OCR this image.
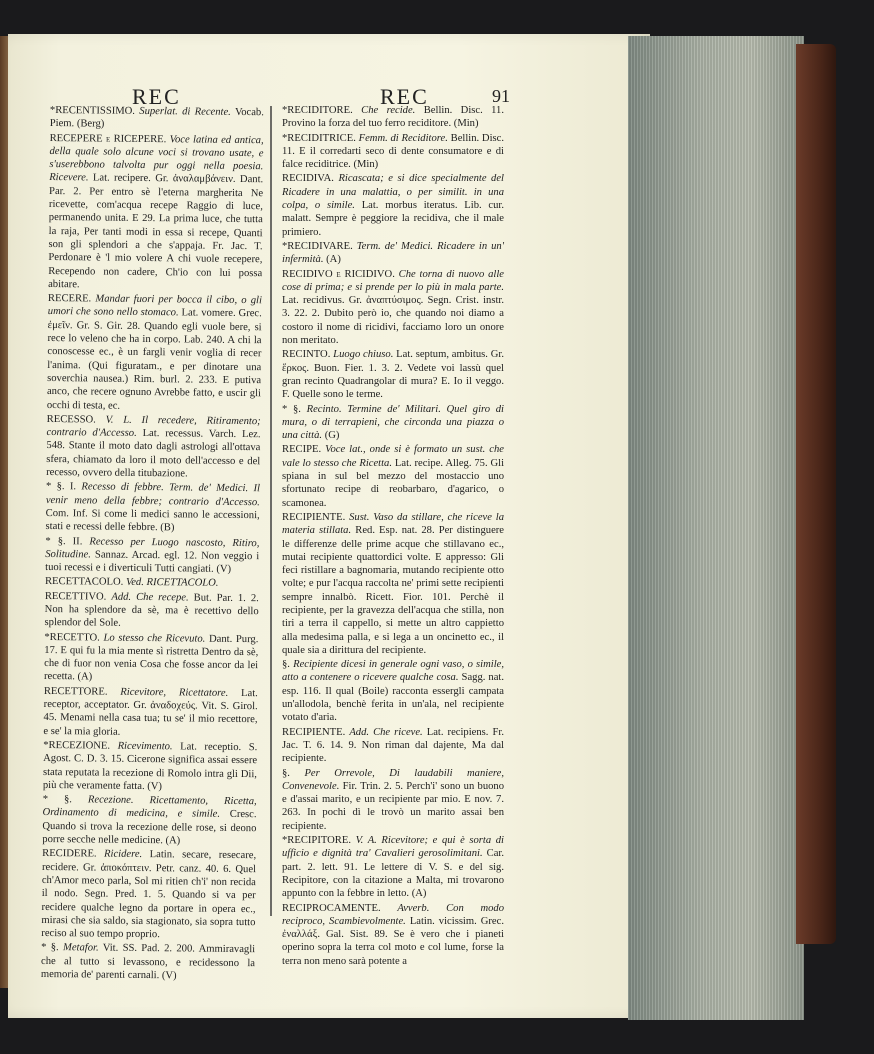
REC	REC	91
*RECENTISSIMO. Superlat. di Recente. Vocab. Piem. (Berg)
RECEPERE e RICEPERE. Voce latina ed antica, della quale solo alcune voci si trovano usate, e s'userebbono talvolta pur oggi nella poesia. Ricevere. Lat. recipere. Gr. ἀναλαμβάνειν. Dant. Par. 2. Per entro sè l'eterna margherita Ne ricevette, com'acqua recepe Raggio di luce, permanendo unita. E 29. La prima luce, che tutta la raja, Per tanti modi in essa si recepe, Quanti son gli splendori a che s'appaja. Fr. Jac. T. Perdonare è 'l mio volere A chi vuole recepere, Recependo non cadere, Ch'io con lui possa abitare.
RECERE. Mandar fuori per bocca il cibo, o gli umori che sono nello stomaco. Lat. vomere. Grec. ἐμεῖν. Gr. S. Gir. 28. Quando egli vuole bere, si rece lo veleno che ha in corpo. Lab. 240. A chi la conoscesse ec., è un fargli venir voglia di recer l'anima. (Qui figuratam., e per dinotare una soverchia nausea.) Rim. burl. 2. 233. E putiva anco, che recere ognuno Avrebbe fatto, e uscir gli occhi di testa, ec.
RECESSO. V. L. Il recedere, Ritiramento; contrario d'Accesso. Lat. recessus. Varch. Lez. 548. Stante il moto dato dagli astrologi all'ottava sfera, chiamato da loro il moto dell'accesso e del recesso, ovvero della titubazione.
* §. I. Recesso di febbre. Term. de' Medici. Il venir meno della febbre; contrario d'Accesso. Com. Inf. Si come li medici sanno le accessioni, stati e recessi delle febbre. (B)
* §. II. Recesso per Luogo nascosto, Ritiro, Solitudine. Sannaz. Arcad. egl. 12. Non veggio i tuoi recessi e i diverticuli Tutti cangiati. (V)
RECETTACOLO. Ved. RICETTACOLO.
RECETTIVO. Add. Che recepe. But. Par. 1. 2. Non ha splendore da sè, ma è recettivo dello splendor del Sole.
*RECETTO. Lo stesso che Ricevuto. Dant. Purg. 17. E qui fu la mia mente sì ristretta Dentro da sè, che di fuor non venia Cosa che fosse ancor da lei recetta. (A)
RECETTORE. Ricevitore, Ricettatore. Lat. receptor, acceptator. Gr. ἀναδοχεύς. Vit. S. Girol. 45. Menami nella casa tua; tu se' il mio recettore, e se' la mia gloria.
*RECEZIONE. Ricevimento. Lat. receptio. S. Agost. C. D. 3. 15. Cicerone significa assai essere stata reputata la recezione di Romolo intra gli Dii, più che veramente fatta. (V)
* §. Recezione. Ricettamento, Ricetta, Ordinamento di medicina, e simile. Cresc. Quando si trova la recezione delle rose, si deono porre secche nelle medicine. (A)
RECIDERE. Ricidere. Latin. secare, resecare, recidere. Gr. ἀποκόπτειν. Petr. canz. 40. 6. Quel ch'Amor meco parla, Sol mi ritien ch'i' non recida il nodo. Segn. Pred. 1. 5. Quando si va per recidere qualche legno da portare in opera ec., mirasi che sia saldo, sia stagionato, sia sopra tutto reciso al suo tempo proprio.
* §. Metafor. Vit. SS. Pad. 2. 200. Ammiravagli che al tutto si levassono, e recidessono la memoria de' parenti carnali. (V)
*RECIDITORE. Che recide. Bellin. Disc. 11. Provino la forza del tuo ferro reciditore. (Min)
*RECIDITRICE. Femm. di Reciditore. Bellin. Disc. 11. E il corredarti seco di dente consumatore e di falce reciditrice. (Min)
RECIDIVA. Ricascata; e si dice specialmente del Ricadere in una malattia, o per similit. in una colpa, o simile. Lat. morbus iteratus. Lib. cur. malatt. Sempre è peggiore la recidiva, che il male primiero.
*RECIDIVARE. Term. de' Medici. Ricadere in un' infermità. (A)
RECIDIVO e RICIDIVO. Che torna di nuovo alle cose di prima; e si prende per lo più in mala parte. Lat. recidivus. Gr. ἀναπτύσιμος. Segn. Crist. instr. 3. 22. 2. Dubito però io, che quando noi diamo a costoro il nome di ricidivi, facciamo loro un onore non meritato.
RECINTO. Luogo chiuso. Lat. septum, ambitus. Gr. ἕρκος. Buon. Fier. 1. 3. 2. Vedete voi lassù quel gran recinto Quadrangolar di mura? E. Io il veggo. F. Quelle sono le terme.
* §. Recinto. Termine de' Militari. Quel giro di mura, o di terrapieni, che circonda una piazza o una città. (G)
RECIPE. Voce lat., onde si è formato un sust. che vale lo stesso che Ricetta. Lat. recipe. Alleg. 75. Gli spiana in sul bel mezzo del mostaccio uno sfortunato recipe di reobarbaro, d'agarico, o scamonea.
RECIPIENTE. Sust. Vaso da stillare, che riceve la materia stillata. Red. Esp. nat. 28. Per distinguere le differenze delle prime acque che stillavano ec., mutai recipiente quattordici volte. E appresso: Gli feci ristillare a bagnomaria, mutando recipiente otto volte; e pur l'acqua raccolta ne' primi sette recipienti sempre innalbò. Ricett. Fior. 101. Perchè il recipiente, per la gravezza dell'acqua che stilla, non tiri a terra il cappello, si mette un altro cappietto alla medesima palla, e si lega a un oncinetto ec., il quale sia a dirittura del recipiente.
§. Recipiente dicesi in generale ogni vaso, o simile, atto a contenere o ricevere qualche cosa. Sagg. nat. esp. 116. Il qual (Boile) racconta essergli campata un'allodola, benchè ferita in un'ala, nel recipiente votato d'aria.
RECIPIENTE. Add. Che riceve. Lat. recipiens. Fr. Jac. T. 6. 14. 9. Non riman dal dajente, Ma dal recipiente.
§. Per Orrevole, Di laudabili maniere, Convenevole. Fir. Trin. 2. 5. Perch'i' sono un buono e d'assai marito, e un recipiente par mio. E nov. 7. 263. In pochi dì le trovò un marito assai ben recipiente.
*RECIPITORE. V. A. Ricevitore; e qui è sorta di ufficio e dignità tra' Cavalieri gerosolimitani. Car. part. 2. lett. 91. Le lettere di V. S. e del sig. Recipitore, con la citazione a Malta, mi trovarono appunto con la febbre in letto. (A)
RECIPROCAMENTE. Avverb. Con modo reciproco, Scambievolmente. Latin. vicissim. Grec. ἐναλλάξ. Gal. Sist. 89. Se è vero che i pianeti operino sopra la terra col moto e col lume, forse la terra non meno sarà potente a
